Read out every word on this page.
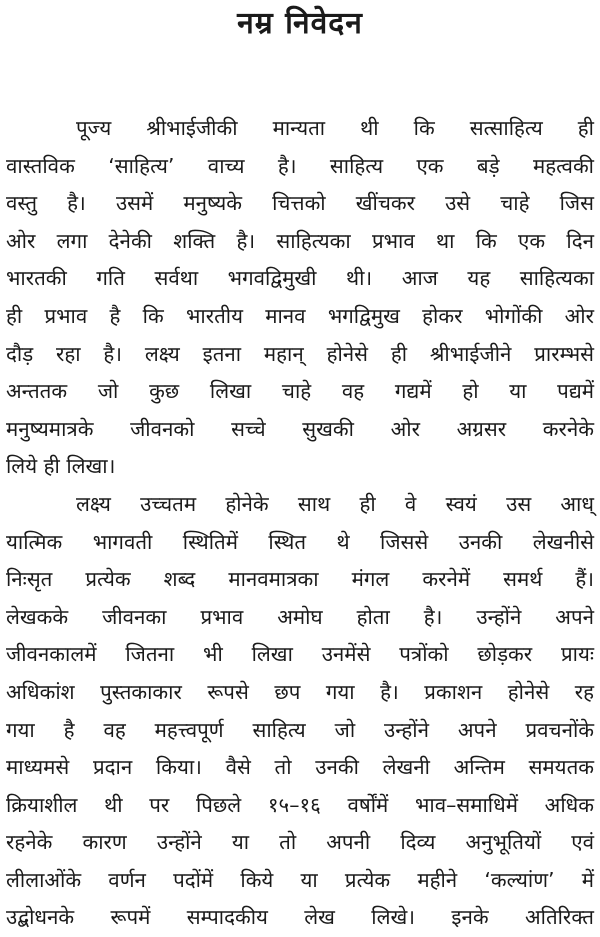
नम्र निवेदन
पूज्य श्रीभाईजीकी मान्यता थी कि सत्साहित्य ही
वास्तविक ‘साहित्य’ वाच्य है। साहित्य एक बड़े महत्वकी
वस्तु है। उसमें मनुष्यके चित्तको खींचकर उसे चाहे जिस
ओर लगा देनेकी शक्ति है। साहित्यका प्रभाव था कि एक दिन
भारतकी गति सर्वथा भगवद्विमुखी थी। आज यह साहित्यका
ही प्रभाव है कि भारतीय मानव भगद्विमुख होकर भोगोंकी ओर
दौड़ रहा है। लक्ष्य इतना महान् होनेसे ही श्रीभाईजीने प्रारम्भसे
अन्ततक जो कुछ लिखा चाहे वह गद्यमें हो या पद्यमें
मनुष्यमात्रके जीवनको सच्चे सुखकी ओर अग्रसर करनेके
लिये ही लिखा।
लक्ष्य उच्चतम होनेके साथ ही वे स्वयं उस आध्
यात्मिक भागवती स्थितिमें स्थित थे जिससे उनकी लेखनीसे
निःसृत प्रत्येक शब्द मानवमात्रका मंगल करनेमें समर्थ हैं।
लेखकके जीवनका प्रभाव अमोघ होता है। उन्होंने अपने
जीवनकालमें जितना भी लिखा उनमेंसे पत्रोंको छोड़कर प्रायः
अधिकांश पुस्तकाकार रूपसे छप गया है। प्रकाशन होनेसे रह
गया है वह महत्त्वपूर्ण साहित्य जो उन्होंने अपने प्रवचनोंके
माध्यमसे प्रदान किया। वैसे तो उनकी लेखनी अन्तिम समयतक
क्रियाशील थी पर पिछले १५–१६ वर्षोंमें भाव–समाधिमें अधिक
रहनेके कारण उन्होंने या तो अपनी दिव्य अनुभूतियों एवं
लीलाओंके वर्णन पदोंमें किये या प्रत्येक महीने ‘कल्यांण’ में
उद्बोधनके रूपमें सम्पादकीय लेख लिखे। इनके अतिरिक्त
